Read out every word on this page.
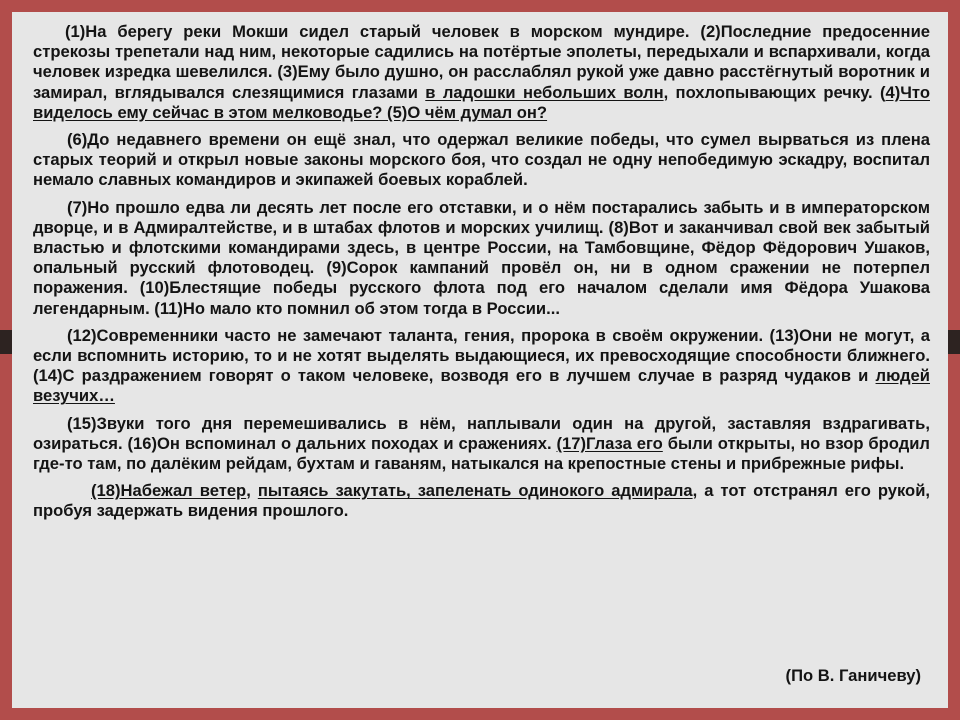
(1)На берегу реки Мокши сидел старый человек в морском мундире. (2)Последние предосенние стрекозы трепетали над ним, некоторые садились на потёртые эполеты, передыхали и вспархивали, когда человек изредка шевелился. (3)Ему было душно, он расслаблял рукой уже давно расстёгнутый воротник и замирал, вглядывался слезящимися глазами в ладошки небольших волн, похлопывающих речку. (4)Что виделось ему сейчас в этом мелководье? (5)О чём думал он?

(6)До недавнего времени он ещё знал, что одержал великие победы, что сумел вырваться из плена старых теорий и открыл новые законы морского боя, что создал не одну непобедимую эскадру, воспитал немало славных командиров и экипажей боевых кораблей.

(7)Но прошло едва ли десять лет после его отставки, и о нём постарались забыть и в императорском дворце, и в Адмиралтействе, и в штабах флотов и морских училищ. (8)Вот и заканчивал свой век забытый властью и флотскими командирами здесь, в центре России, на Тамбовщине, Фёдор Фёдорович Ушаков, опальный русский флотоводец. (9)Сорок кампаний провёл он, ни в одном сражении не потерпел поражения. (10)Блестящие победы русского флота под его началом сделали имя Фёдора Ушакова легендарным. (11)Но мало кто помнил об этом тогда в России...

(12)Современники часто не замечают таланта, гения, пророка в своём окружении. (13)Они не могут, а если вспомнить историю, то и не хотят выделять выдающиеся, их превосходящие способности ближнего. (14)С раздражением говорят о таком человеке, возводя его в лучшем случае в разряд чудаков и людей везучих…

(15)Звуки того дня перемешивались в нём, наплывали один на другой, заставляя вздрагивать, озираться. (16)Он вспоминал о дальних походах и сражениях. (17)Глаза его были открыты, но взор бродил где-то там, по далёким рейдам, бухтам и гаваням, натыкался на крепостные стены и прибрежные рифы.

(18)Набежал ветер, пытаясь закутать, запеленать одинокого адмирала, а тот отстранял его рукой, пробуя задержать видения прошлого.

(По В. Ганичеву)
